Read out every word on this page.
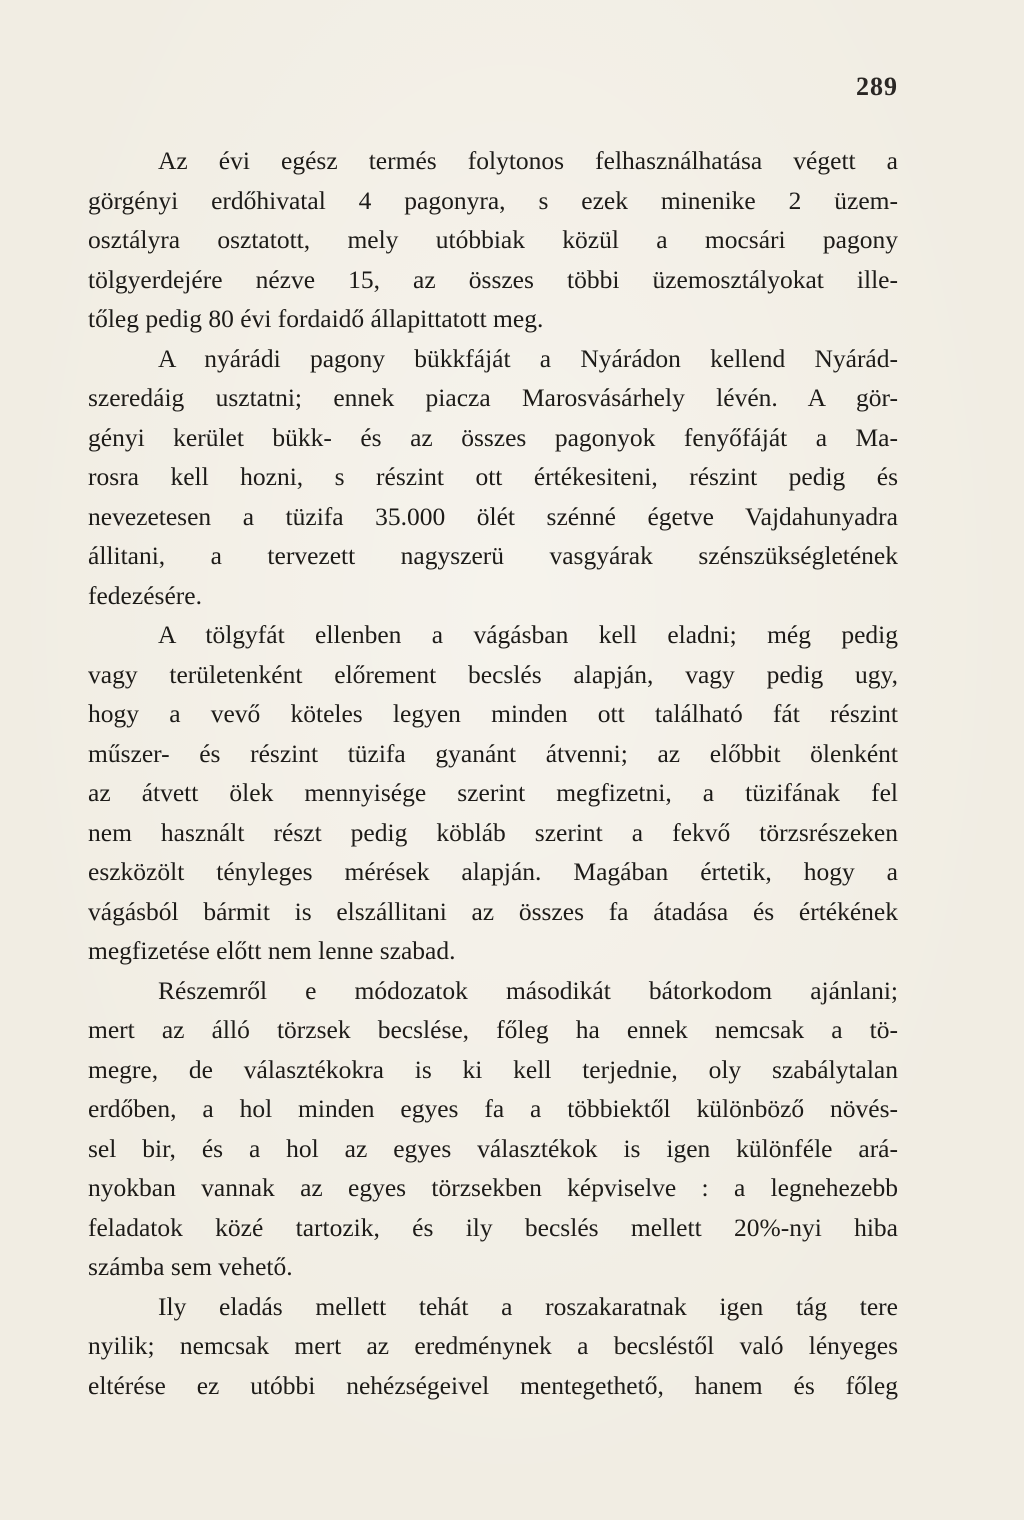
289
Az évi egész termés folytonos felhasználhatása végett a
görgényi erdőhivatal 4 pagonyra, s ezek minenike 2 üzem-
osztályra osztatott, mely utóbbiak közül a mocsári pagony
tölgyerdejére nézve 15, az összes többi üzemosztályokat ille-
tőleg pedig 80 évi fordaidő állapittatott meg.
A nyárádi pagony bükkfáját a Nyárádon kellend Nyárád-
szeredáig usztatni; ennek piacza Marosvásárhely lévén. A gör-
gényi kerület bükk- és az összes pagonyok fenyőfáját a Ma-
rosra kell hozni, s részint ott értékesiteni, részint pedig és
nevezetesen a tüzifa 35.000 ölét szénné égetve Vajdahunyadra
állitani, a tervezett nagyszerü vasgyárak szénszükségletének
fedezésére.
A tölgyfát ellenben a vágásban kell eladni; még pedig
vagy területenként előrement becslés alapján, vagy pedig ugy,
hogy a vevő köteles legyen minden ott található fát részint
műszer- és részint tüzifa gyanánt átvenni; az előbbit ölenként
az átvett ölek mennyisége szerint megfizetni, a tüzifának fel
nem használt részt pedig köbláb szerint a fekvő törzsrészeken
eszközölt tényleges mérések alapján. Magában értetik, hogy a
vágásból bármit is elszállitani az összes fa átadása és értékének
megfizetése előtt nem lenne szabad.
Részemről e módozatok másodikát bátorkodom ajánlani;
mert az álló törzsek becslése, főleg ha ennek nemcsak a tö-
megre, de választékokra is ki kell terjednie, oly szabálytalan
erdőben, a hol minden egyes fa a többiektől különböző növés-
sel bir, és a hol az egyes választékok is igen különféle ará-
nyokban vannak az egyes törzsekben képviselve : a legnehezebb
feladatok közé tartozik, és ily becslés mellett 20%-nyi hiba
számba sem vehető.
Ily eladás mellett tehát a roszakaratnak igen tág tere
nyilik; nemcsak mert az eredménynek a becsléstől való lényeges
eltérése ez utóbbi nehézségeivel mentegethető, hanem és főleg
